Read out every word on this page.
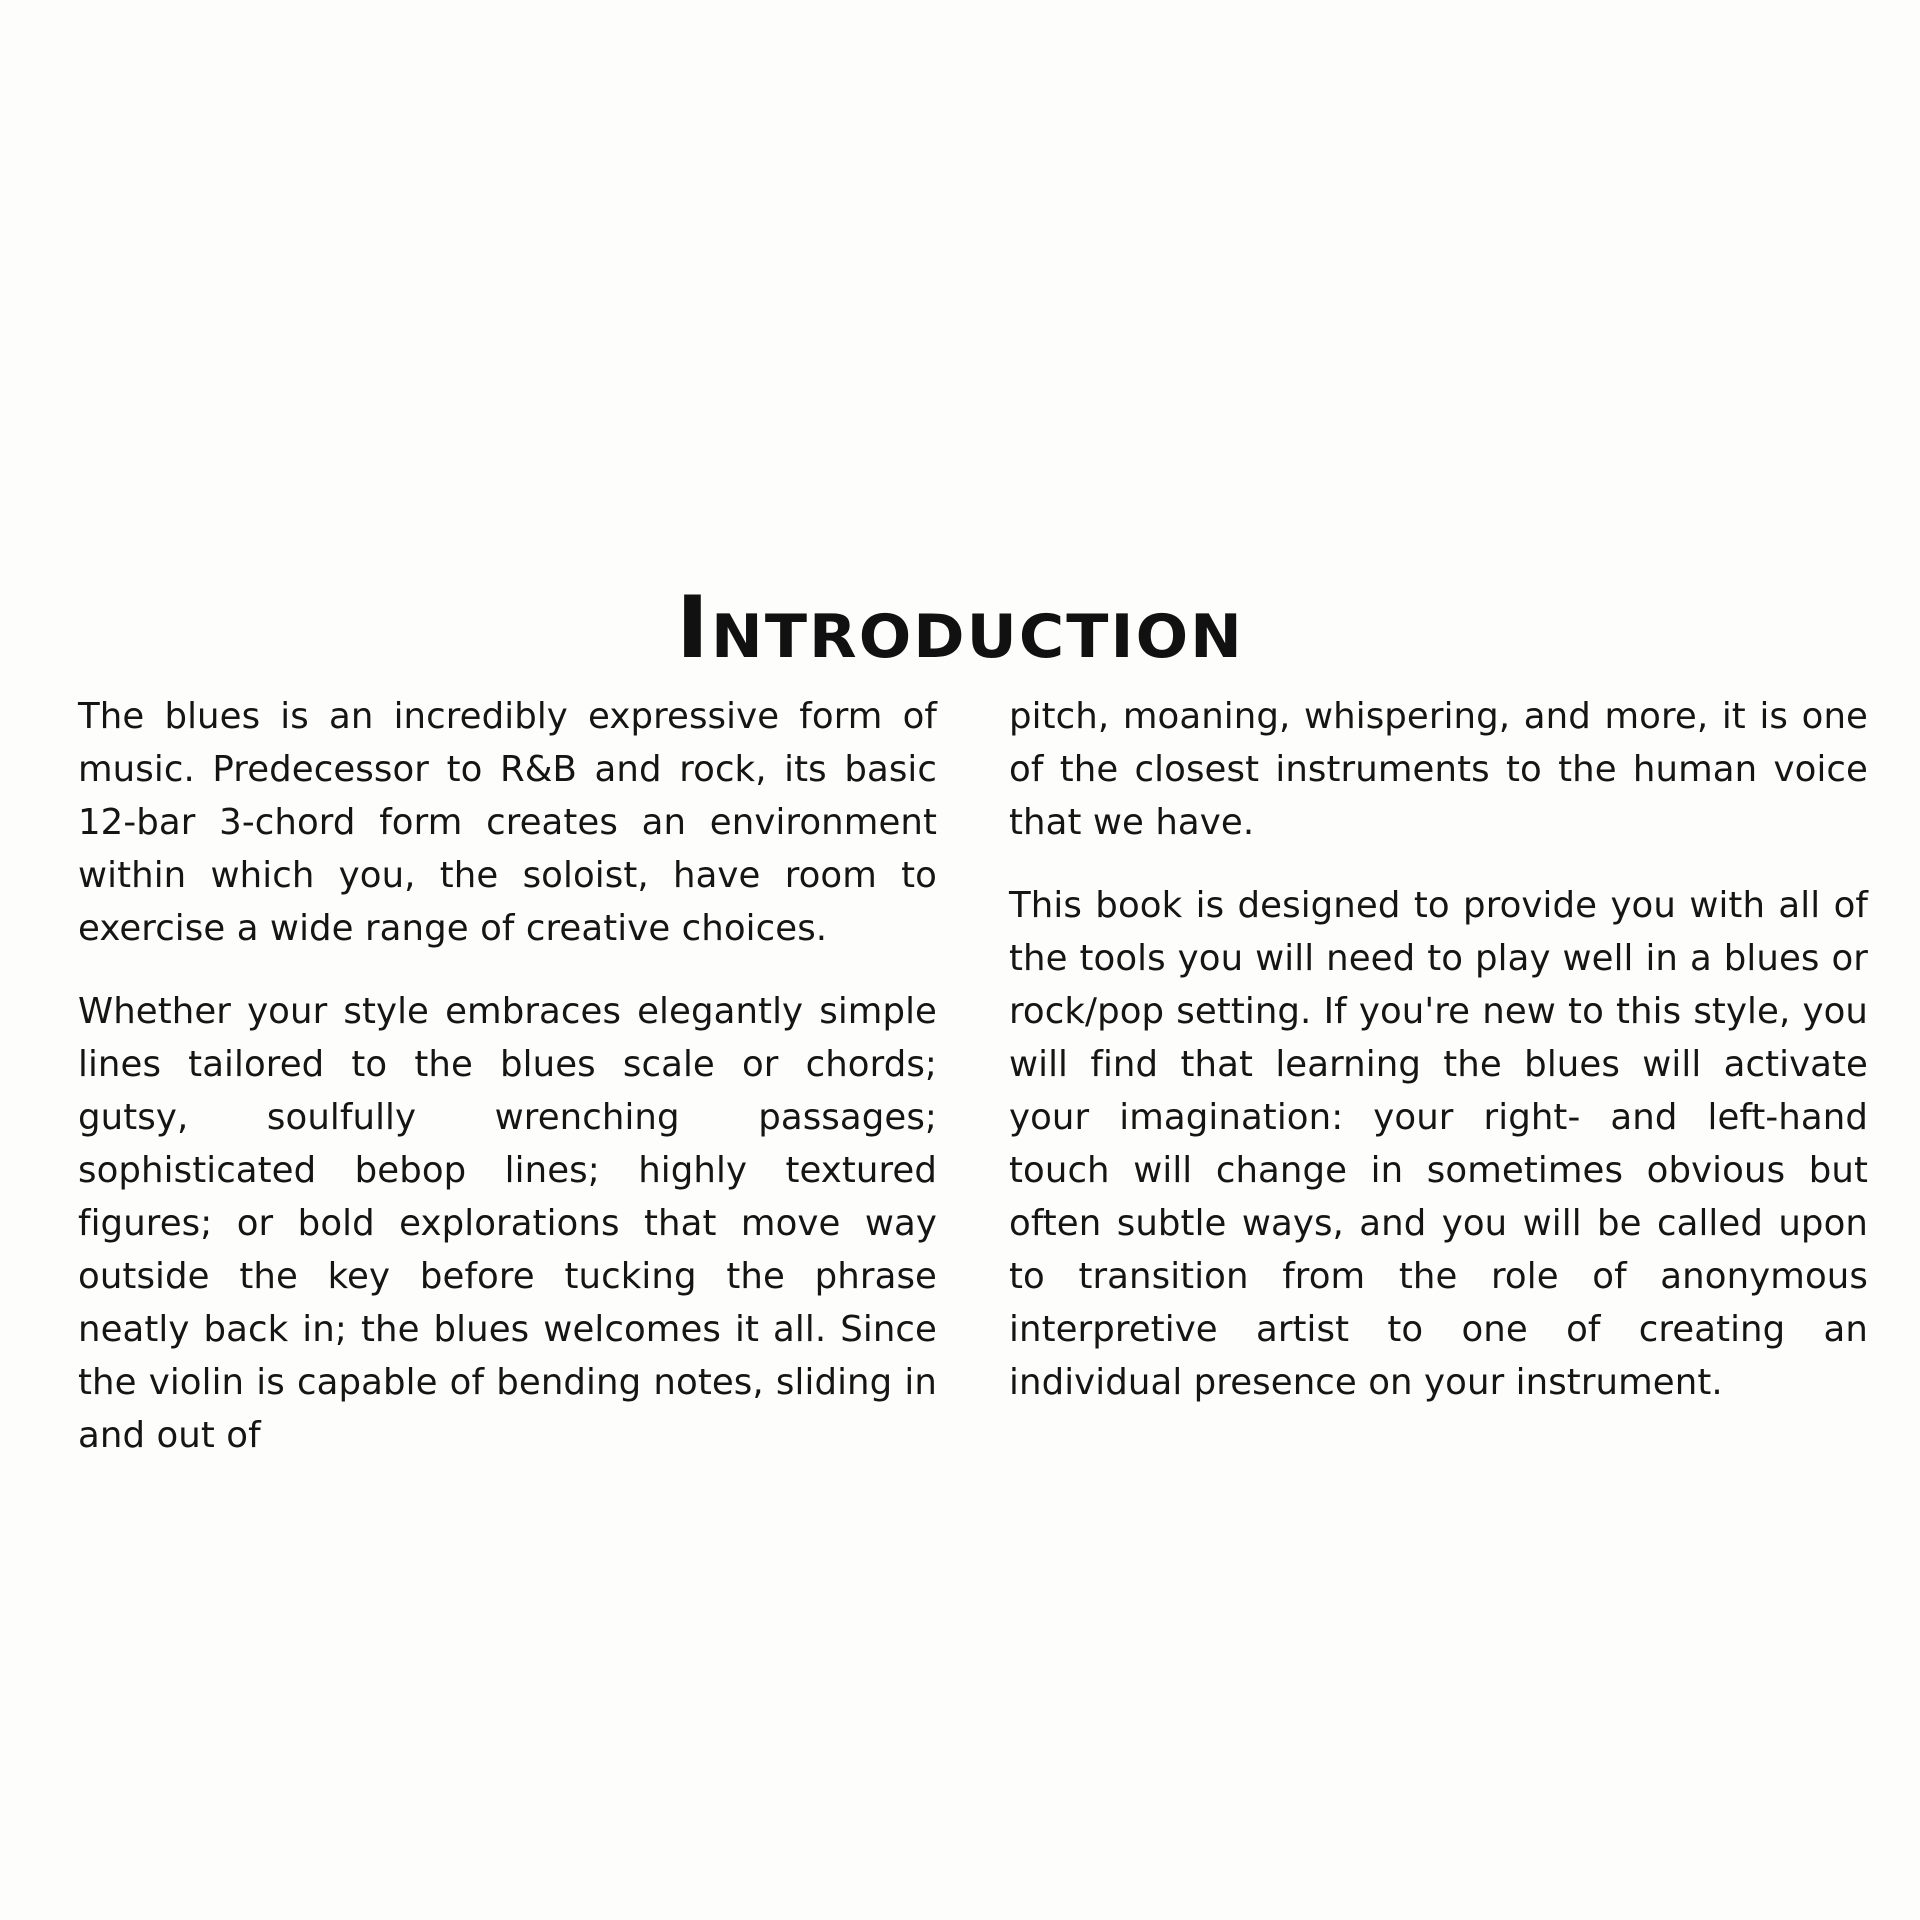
Introduction

The blues is an incredibly expressive form of music. Predecessor to R&B and rock, its basic 12-bar 3-chord form creates an environment within which you, the soloist, have room to exercise a wide range of creative choices.

Whether your style embraces elegantly simple lines tailored to the blues scale or chords; gutsy, soulfully wrenching passages; sophisticated bebop lines; highly textured figures; or bold explorations that move way outside the key before tucking the phrase neatly back in; the blues welcomes it all. Since the violin is capable of bending notes, sliding in and out of

pitch, moaning, whispering, and more, it is one of the closest instruments to the human voice that we have.

This book is designed to provide you with all of the tools you will need to play well in a blues or rock/pop setting. If you're new to this style, you will find that learning the blues will activate your imagination: your right- and left-hand touch will change in sometimes obvious but often subtle ways, and you will be called upon to transition from the role of anonymous interpretive artist to one of creating an individual presence on your instrument.
